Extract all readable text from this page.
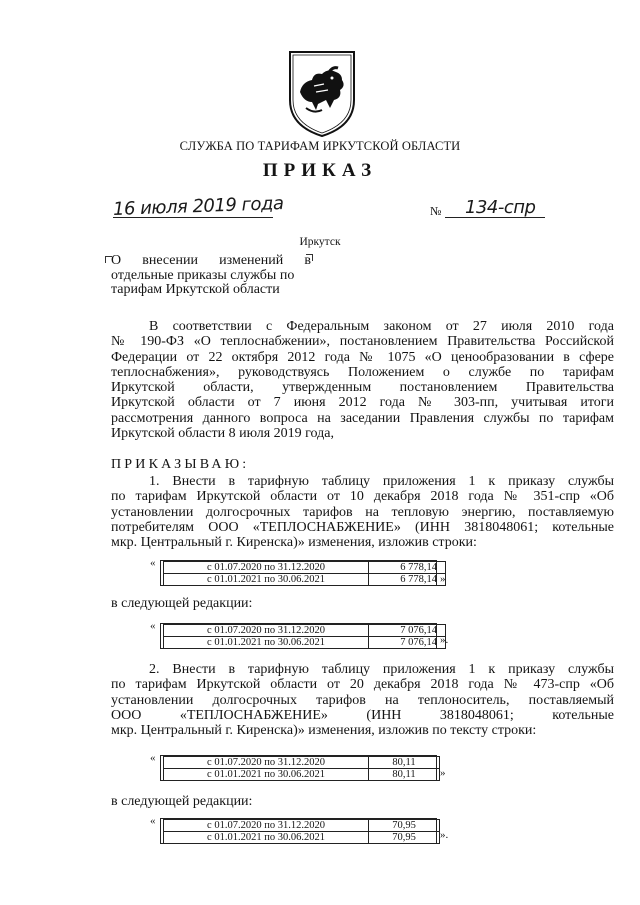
СЛУЖБА ПО ТАРИФАМ ИРКУТСКОЙ ОБЛАСТИ
ПРИКАЗ
16 июля 2019 года	№ 134-спр
Иркутск
О внесении изменений в
отдельные приказы службы по
тарифам Иркутской области
В соответствии с Федеральным законом от 27 июля 2010 года
№ 190-ФЗ «О теплоснабжении», постановлением Правительства Российской
Федерации от 22 октября 2012 года № 1075 «О ценообразовании в сфере
теплоснабжения», руководствуясь Положением о службе по тарифам
Иркутской области, утвержденным постановлением Правительства
Иркутской области от 7 июня 2012 года № 303-пп, учитывая итоги
рассмотрения данного вопроса на заседании Правления службы по тарифам
Иркутской области 8 июля 2019 года,
ПРИКАЗЫВАЮ:
1. Внести в тарифную таблицу приложения 1 к приказу службы
по тарифам Иркутской области от 10 декабря 2018 года № 351-спр «Об
установлении долгосрочных тарифов на тепловую энергию, поставляемую
потребителям ООО «ТЕПЛОСНАБЖЕНИЕ» (ИНН 3818048061; котельные
мкр. Центральный г. Киренска)» изменения, изложив строки:
«	с 01.07.2020 по 31.12.2020	6 778,14
с 01.01.2021 по 30.06.2021	6 778,14 »
в следующей редакции:
«	с 01.07.2020 по 31.12.2020	7 076,14
с 01.01.2021 по 30.06.2021	7 076,14 ».
2. Внести в тарифную таблицу приложения 1 к приказу службы
по тарифам Иркутской области от 20 декабря 2018 года № 473-спр «Об
установлении долгосрочных тарифов на теплоноситель, поставляемый
ООО «ТЕПЛОСНАБЖЕНИЕ» (ИНН 3818048061; котельные
мкр. Центральный г. Киренска)» изменения, изложив по тексту строки:
«	с 01.07.2020 по 31.12.2020	80,11
с 01.01.2021 по 30.06.2021	80,11 »
в следующей редакции:
«	с 01.07.2020 по 31.12.2020	70,95
с 01.01.2021 по 30.06.2021	70,95 ».
